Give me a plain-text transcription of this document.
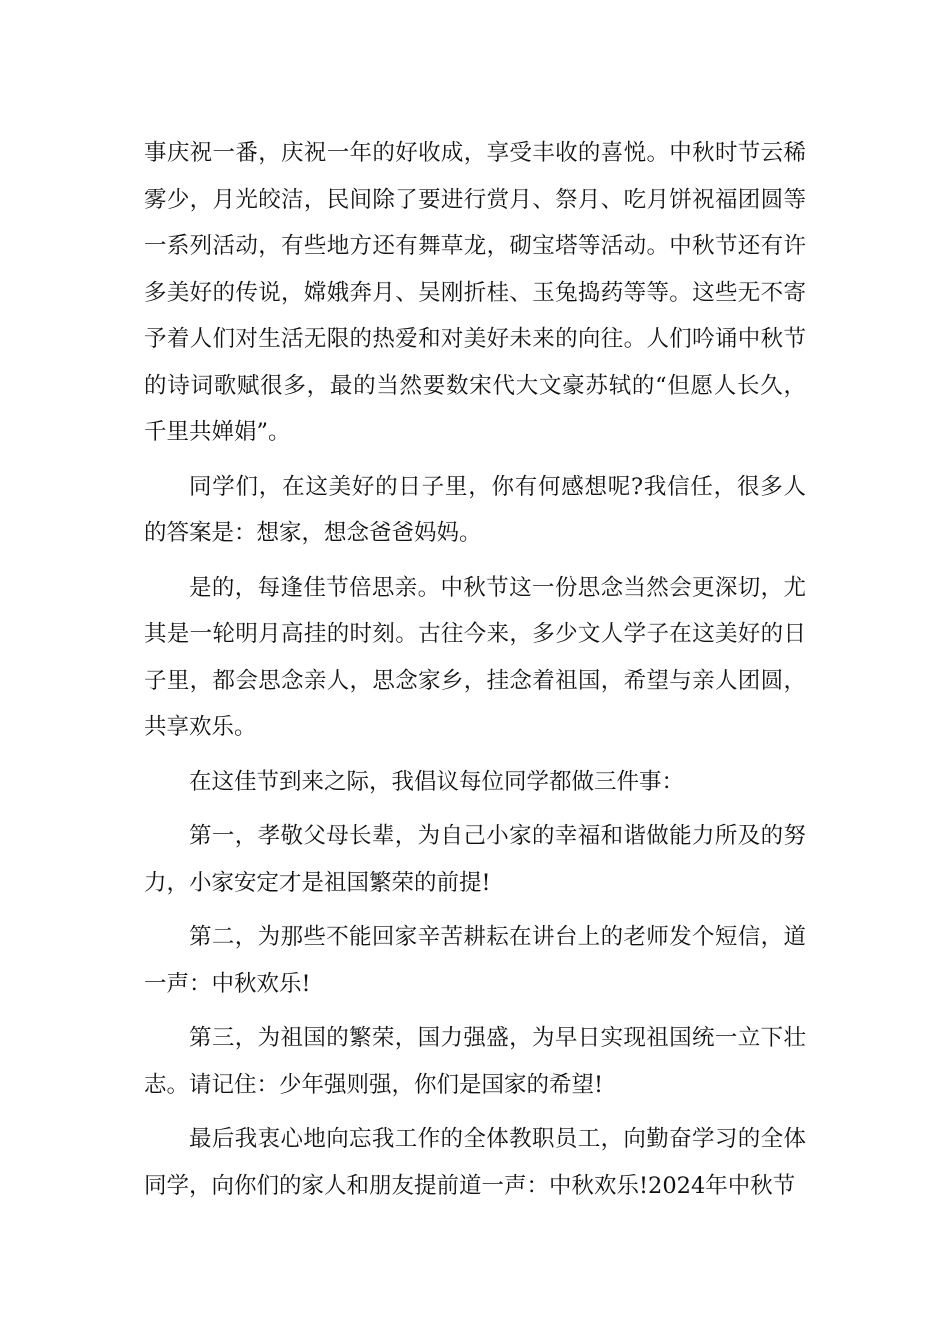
事庆祝一番，庆祝一年的好收成，享受丰收的喜悦。中秋时节云稀雾少，月光皎洁，民间除了要进行赏月、祭月、吃月饼祝福团圆等一系列活动，有些地方还有舞草龙，砌宝塔等活动。中秋节还有许多美好的传说，嫦娥奔月、吴刚折桂、玉兔捣药等等。这些无不寄予着人们对生活无限的热爱和对美好未来的向往。人们吟诵中秋节的诗词歌赋很多，最的当然要数宋代大文豪苏轼的“但愿人长久，千里共婵娟”。

同学们，在这美好的日子里，你有何感想呢?我信任，很多人的答案是：想家，想念爸爸妈妈。

是的，每逢佳节倍思亲。中秋节这一份思念当然会更深切，尤其是一轮明月高挂的时刻。古往今来，多少文人学子在这美好的日子里，都会思念亲人，思念家乡，挂念着祖国，希望与亲人团圆，共享欢乐。

在这佳节到来之际，我倡议每位同学都做三件事：

第一，孝敬父母长辈，为自己小家的幸福和谐做能力所及的努力，小家安定才是祖国繁荣的前提!

第二，为那些不能回家辛苦耕耘在讲台上的老师发个短信，道一声：中秋欢乐!

第三，为祖国的繁荣，国力强盛，为早日实现祖国统一立下壮志。请记住：少年强则强，你们是国家的希望!

最后我衷心地向忘我工作的全体教职员工，向勤奋学习的全体同学，向你们的家人和朋友提前道一声：中秋欢乐!2024年中秋节
